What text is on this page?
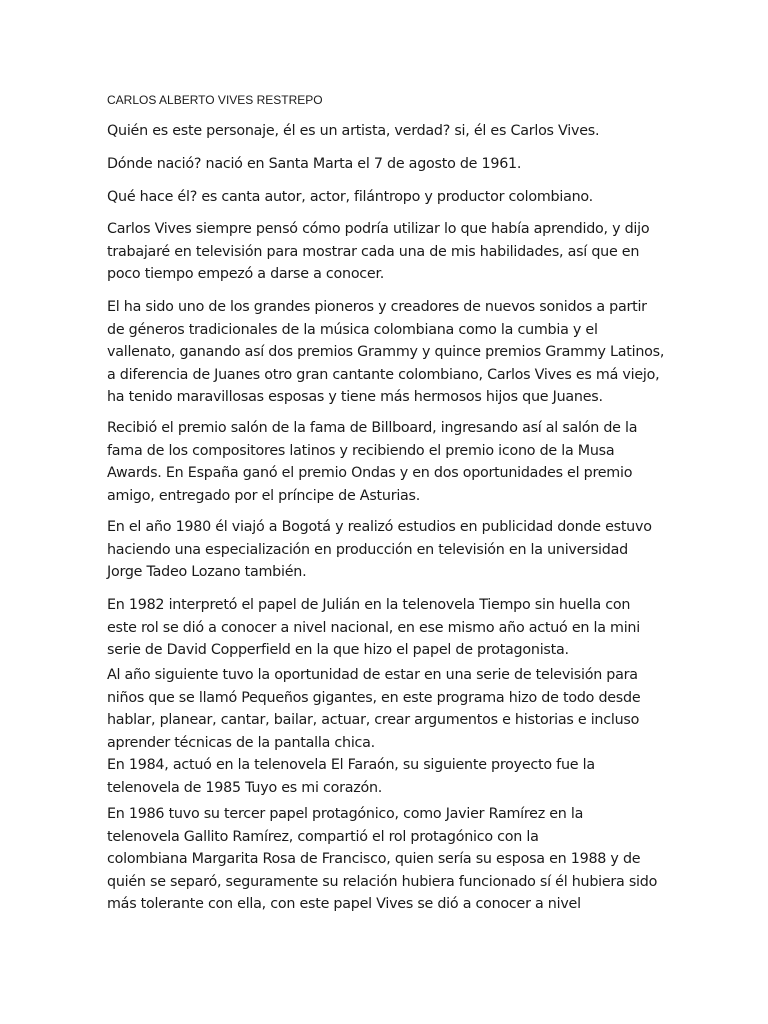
CARLOS ALBERTO VIVES RESTREPO

Quién es este personaje, él es un artista, verdad? si, él es Carlos Vives.

Dónde nació? nació en Santa Marta el 7 de agosto de 1961.

Qué hace él? es canta autor, actor, filántropo y productor colombiano.

Carlos Vives siempre pensó cómo podría utilizar lo que había aprendido, y dijo
trabajaré en televisión para mostrar cada una de mis habilidades, así que en
poco tiempo empezó a darse a conocer.

El ha sido uno de los grandes pioneros y creadores de nuevos sonidos a partir
de géneros tradicionales de la música colombiana como la cumbia y el
vallenato, ganando así dos premios Grammy y quince premios Grammy Latinos,
a diferencia de Juanes otro gran cantante colombiano, Carlos Vives es má viejo,
ha tenido maravillosas esposas y tiene más hermosos hijos que Juanes.

Recibió el premio salón de la fama de Billboard, ingresando así al salón de la
fama de los compositores latinos y recibiendo el premio icono de la Musa
Awards. En España ganó el premio Ondas y en dos oportunidades el premio
amigo, entregado por el príncipe de Asturias.

En el año 1980 él viajó a Bogotá y realizó estudios en publicidad donde estuvo
haciendo una especialización en producción en televisión en la universidad
Jorge Tadeo Lozano también.

En 1982 interpretó el papel de Julián en la telenovela Tiempo sin huella con
este rol se dió a conocer a nivel nacional, en ese mismo año actuó en la mini
serie de David Copperfield en la que hizo el papel de protagonista.

Al año siguiente tuvo la oportunidad de estar en una serie de televisión para
niños que se llamó Pequeños gigantes, en este programa hizo de todo desde
hablar, planear, cantar, bailar, actuar, crear argumentos e historias e incluso
aprender técnicas de la pantalla chica.

En 1984, actuó en la telenovela El Faraón, su siguiente proyecto fue la
telenovela de 1985 Tuyo es mi corazón.

En 1986 tuvo su tercer papel protagónico, como Javier Ramírez en la
telenovela Gallito Ramírez, compartió el rol protagónico con la
colombiana Margarita Rosa de Francisco, quien sería su esposa en 1988 y de
quién se separó, seguramente su relación hubiera funcionado sí él hubiera sido
más tolerante con ella, con este papel Vives se dió a conocer a nivel
